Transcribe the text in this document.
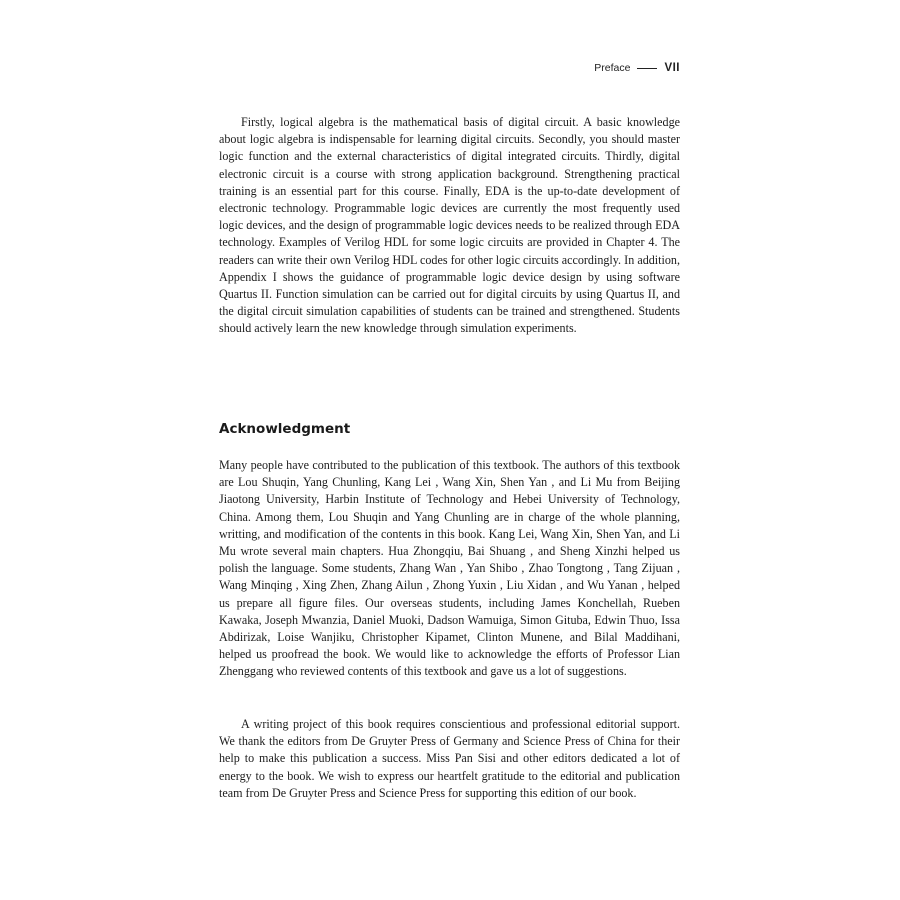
Preface	VII

Firstly, logical algebra is the mathematical basis of digital circuit. A basic knowledge about logic algebra is indispensable for learning digital circuits. Secondly, you should master logic function and the external characteristics of digital integrated circuits. Thirdly, digital electronic circuit is a course with strong application background. Strengthening practical training is an essential part for this course. Finally, EDA is the up-to-date development of electronic technology. Programmable logic devices are currently the most frequently used logic devices, and the design of programmable logic devices needs to be realized through EDA technology. Examples of Verilog HDL for some logic circuits are provided in Chapter 4. The readers can write their own Verilog HDL codes for other logic circuits accordingly. In addition, Appendix I shows the guidance of programmable logic device design by using software Quartus II. Function simulation can be carried out for digital circuits by using Quartus II, and the digital circuit simulation capabilities of students can be trained and strengthened. Students should actively learn the new knowledge through simulation experiments.

Acknowledgment

Many people have contributed to the publication of this textbook. The authors of this textbook are Lou Shuqin, Yang Chunling, Kang Lei , Wang Xin, Shen Yan , and Li Mu from Beijing Jiaotong University, Harbin Institute of Technology and Hebei University of Technology, China. Among them, Lou Shuqin and Yang Chunling are in charge of the whole planning, writting, and modification of the contents in this book. Kang Lei, Wang Xin, Shen Yan, and Li Mu wrote several main chapters. Hua Zhongqiu, Bai Shuang , and Sheng Xinzhi helped us polish the language. Some students, Zhang Wan , Yan Shibo , Zhao Tongtong , Tang Zijuan , Wang Minqing , Xing Zhen, Zhang Ailun , Zhong Yuxin , Liu Xidan , and Wu Yanan , helped us prepare all figure files. Our overseas students, including James Konchellah, Rueben Kawaka, Joseph Mwanzia, Daniel Muoki, Dadson Wamuiga, Simon Gituba, Edwin Thuo, Issa Abdirizak, Loise Wanjiku, Christopher Kipamet, Clinton Munene, and Bilal Maddihani, helped us proofread the book. We would like to acknowledge the efforts of Professor Lian Zhenggang who reviewed contents of this textbook and gave us a lot of suggestions.

A writing project of this book requires conscientious and professional editorial support. We thank the editors from De Gruyter Press of Germany and Science Press of China for their help to make this publication a success. Miss Pan Sisi and other editors dedicated a lot of energy to the book. We wish to express our heartfelt gratitude to the editorial and publication team from De Gruyter Press and Science Press for supporting this edition of our book.
